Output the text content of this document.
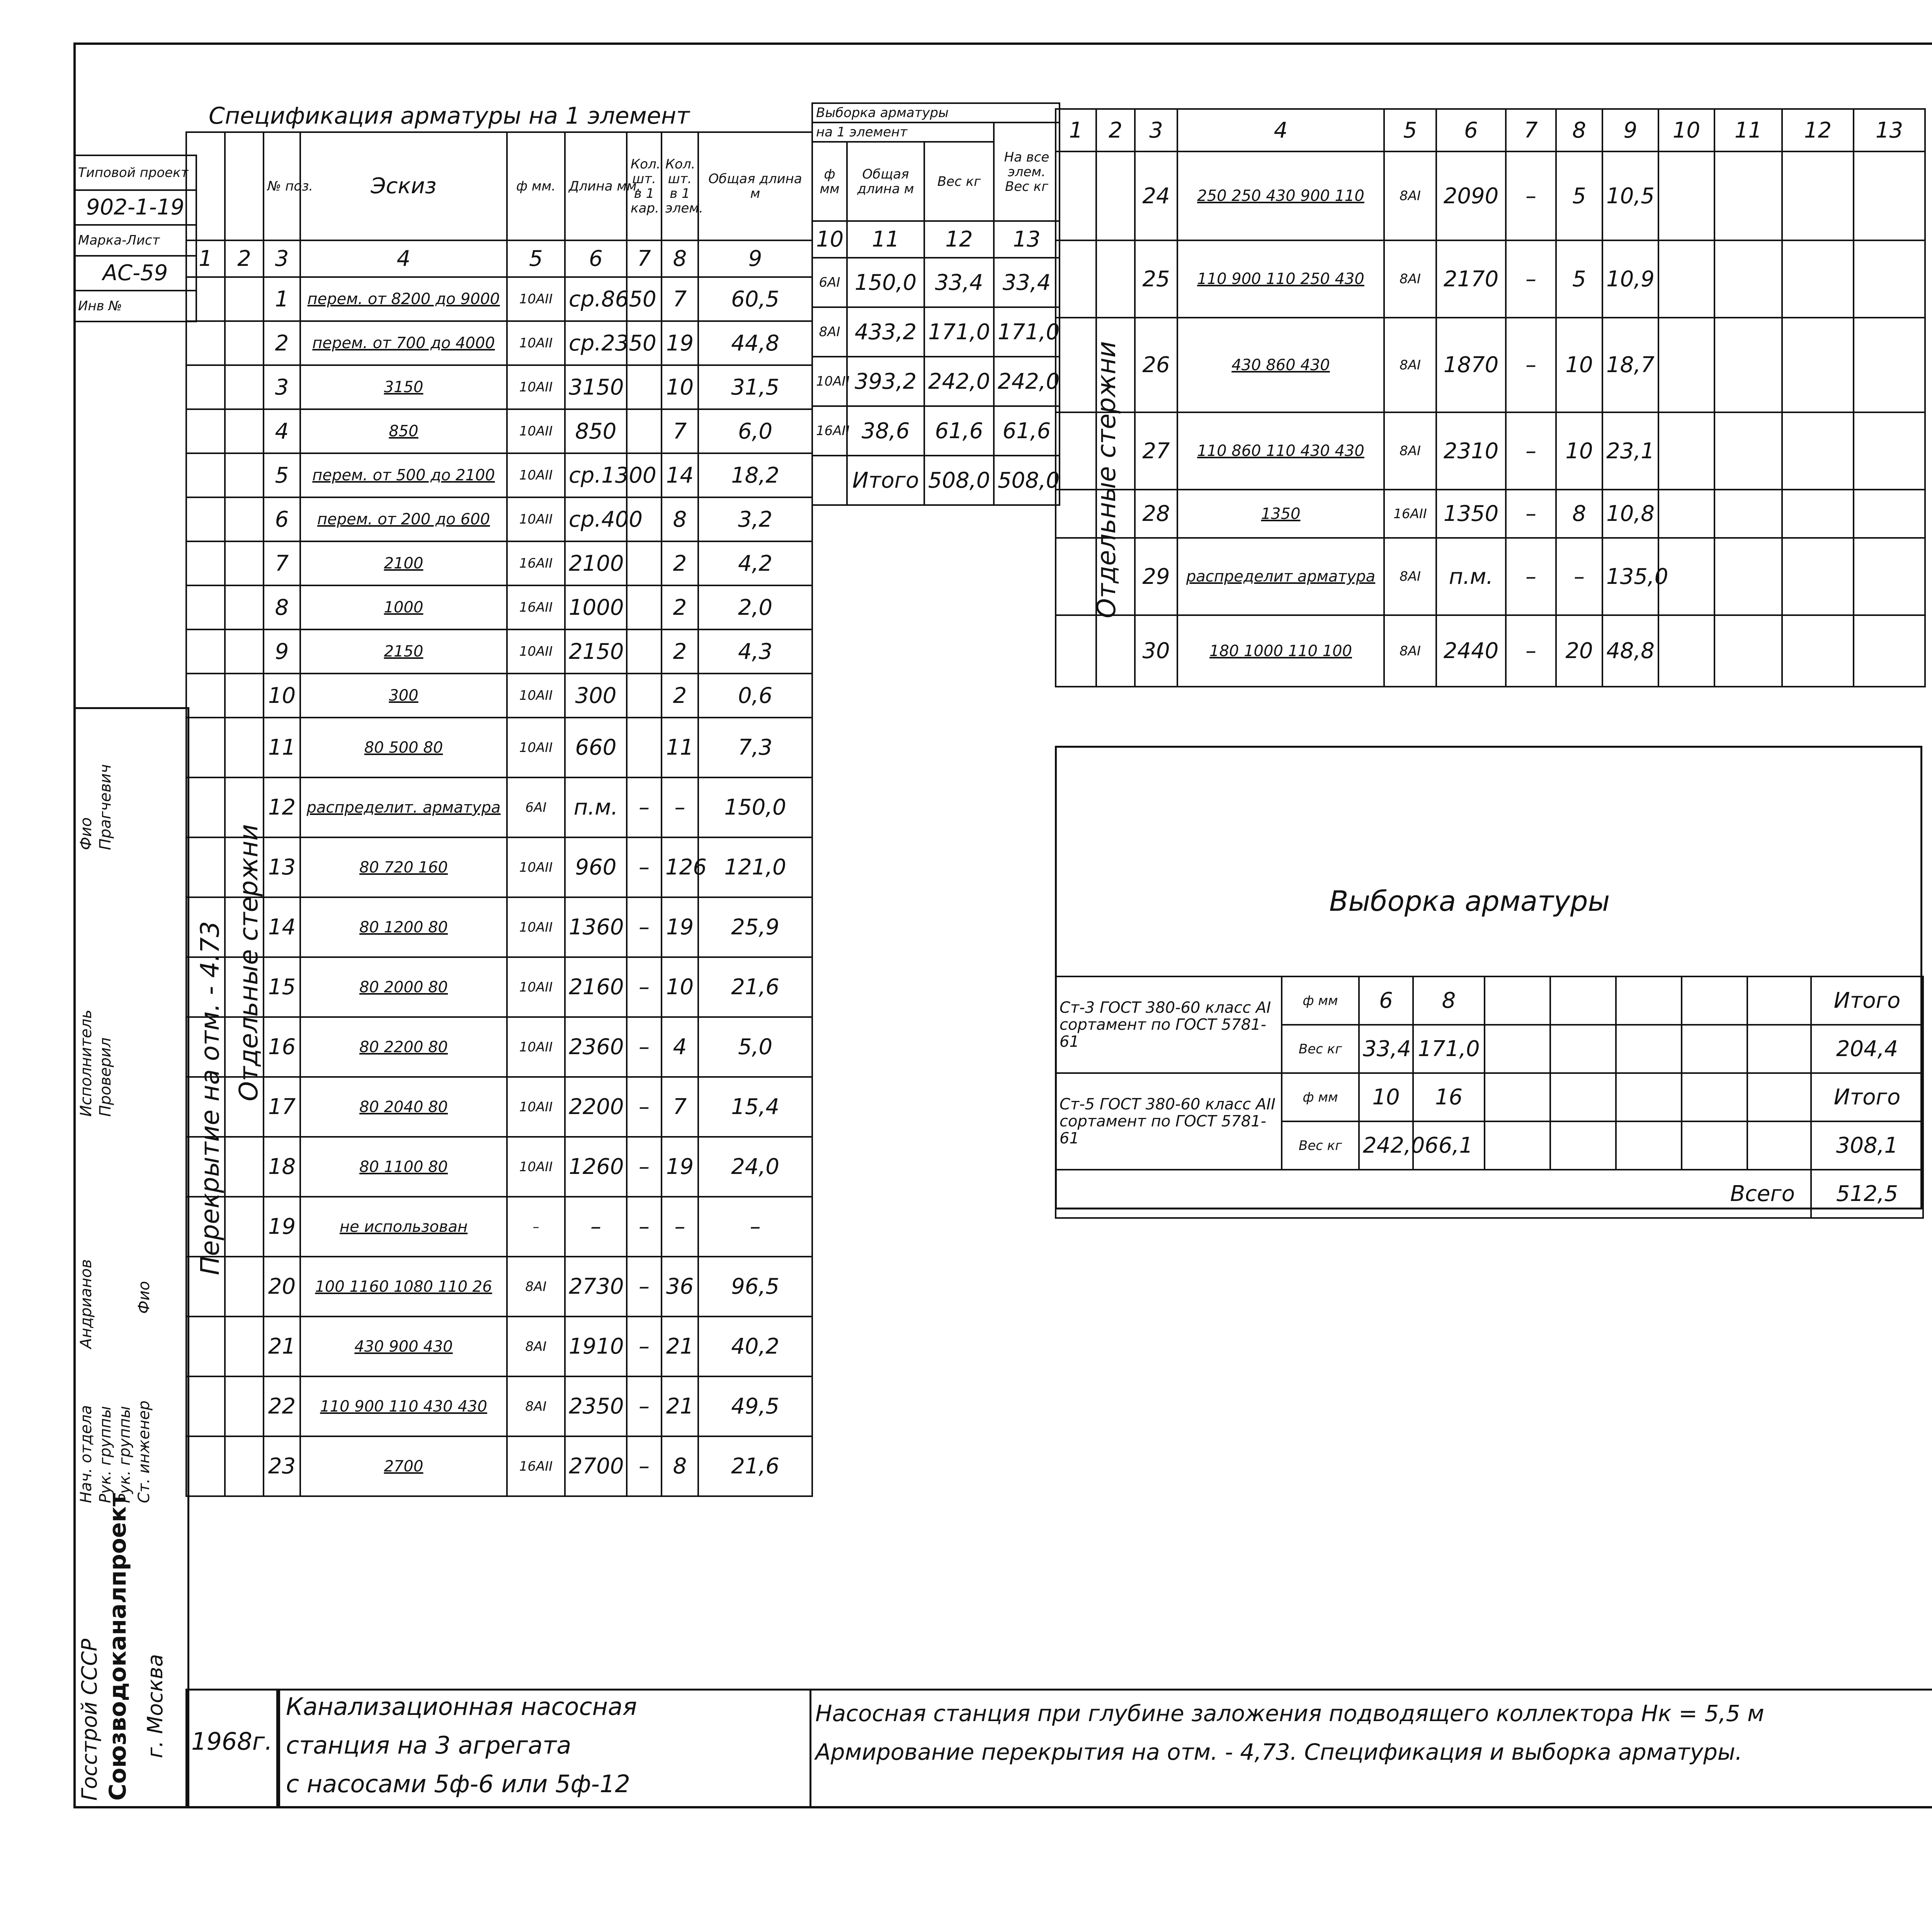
Типовой проект
902-1-19
Марка-Лист
АС-59
Инв №
Спецификация арматуры на 1 элемент
		№ поз.	Эскиз	ф мм.	Длина мм.	Кол. шт. в 1 кар.	Кол. шт. в 1 элем.	Общая длина м
1	2	3	4	5	6	7	8	9
		1	перем. от 8200 до 9000	10АII	ср.8650		7	60,5
		2	перем. от 700 до 4000	10АII	ср.2350		19	44,8
		3	3150	10АII	3150		10	31,5
		4	850	10АII	850		7	6,0
		5	перем. от 500 до 2100	10АII	ср.1300		14	18,2
		6	перем. от 200 до 600	10АII	ср.400		8	3,2
		7	2100	16АII	2100		2	4,2
		8	1000	16АII	1000		2	2,0
		9	2150	10АII	2150		2	4,3
		10	300	10АII	300		2	0,6
		11	80 500 80	10АII	660		11	7,3
		12	распределит. арматура	6АI	п.м.	–	–	150,0
		13	80 720 160	10АII	960	–	126	121,0
		14	80 1200 80	10АII	1360	–	19	25,9
		15	80 2000 80	10АII	2160	–	10	21,6
		16	80 2200 80	10АII	2360	–	4	5,0
		17	80 2040 80	10АII	2200	–	7	15,4
		18	80 1100 80	10АII	1260	–	19	24,0
		19	не использован	–	–	–	–	–
		20	100 1160 1080 110 26	8АI	2730	–	36	96,5
		21	430 900 430	8АI	1910	–	21	40,2
		22	110 900 110 430 430	8АI	2350	–	21	49,5
		23	2700	16АII	2700	–	8	21,6
Перекрытие на отм. - 4.73 Отдельные стержни
Выборка арматуры			
на 1 элемент			На все элем. Вес кг
ф мм	Общая длина м	Вес кг	
10	11	12	13
6АI	150,0	33,4	33,4
8АI	433,2	171,0	171,0
10АII	393,2	242,0	242,0
16АII	38,6	61,6	61,6
	Итого	508,0	508,0
1	2	3	4	5	6	7	8	9	10	11	12	13
		24	250 250 430 900 110	8АI	2090	–	5	10,5				
		25	110 900 110 250 430	8АI	2170	–	5	10,9				
		26	430 860 430	8АI	1870	–	10	18,7				
		27	110 860 110 430 430	8АI	2310	–	10	23,1				
		28	1350	16АII	1350	–	8	10,8				
		29	распределит арматура	8АI	п.м.	–	–	135,0				
		30	180 1000 110 100	8АI	2440	–	20	48,8				
Отдельные стержни
Выборка арматуры
Ст-3 ГОСТ 380-60 класс АI сортамент по ГОСТ 5781-61	ф мм	6	8						Итого
	Вес кг	33,4	171,0						204,4
Ст-5 ГОСТ 380-60 класс АII сортамент по ГОСТ 5781-61	ф мм	10	16						Итого
	Вес кг	242,0	66,1						308,1
Всего									512,5
Госстрой СССР Союзводоканалпроект г. Москва
Нач. отдела Рук. группы Рук. группы Ст. инженер
Андрианов
Исполнитель Проверил
Фио Прагчевич
Фио
1968г.
Канализационная насосная
станция на 3 агрегата
с насосами 5ф-6 или 5ф-12
Насосная станция при глубине заложения подводящего коллектора Нк = 5,5 м
Армирование перекрытия на отм. - 4,73. Спецификация и выборка арматуры.
